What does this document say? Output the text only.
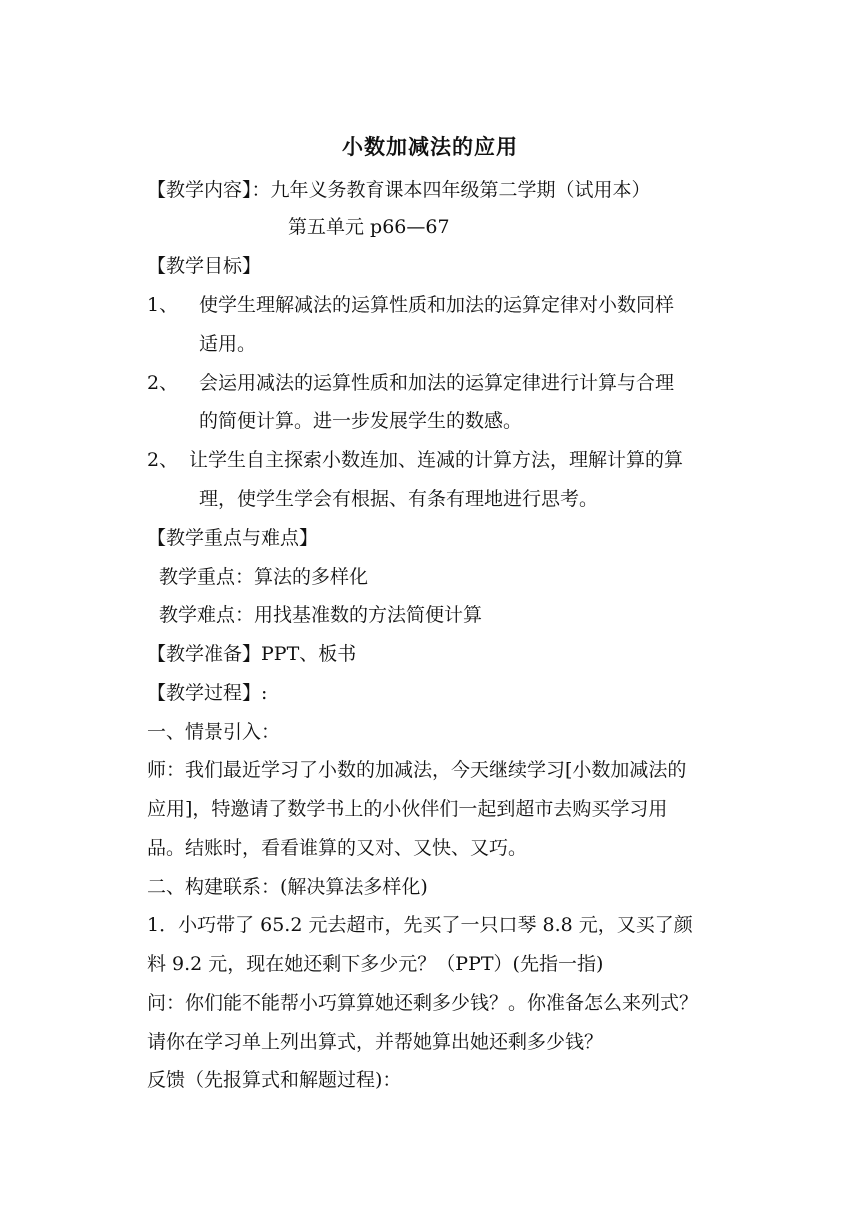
小数加减法的应用
【教学内容】：九年义务教育课本四年级第二学期（试用本）
第五单元 p66—67
【教学目标】
1、 使学生理解减法的运算性质和加法的运算定律对小数同样
适用。
2、 会运用减法的运算性质和加法的运算定律进行计算与合理
的简便计算。进一步发展学生的数感。
2、 让学生自主探索小数连加、连减的计算方法，理解计算的算
理，使学生学会有根据、有条有理地进行思考。
【教学重点与难点】
教学重点：算法的多样化
教学难点：用找基准数的方法简便计算
【教学准备】PPT、板书
【教学过程】:
一、情景引入：
师：我们最近学习了小数的加减法，今天继续学习[小数加减法的
应用]，特邀请了数学书上的小伙伴们一起到超市去购买学习用
品。结账时，看看谁算的又对、又快、又巧。
二、构建联系：(解决算法多样化)
1．小巧带了 65.2 元去超市，先买了一只口琴 8.8 元，又买了颜
料 9.2 元，现在她还剩下多少元？（PPT）(先指一指)
问：你们能不能帮小巧算算她还剩多少钱？。你准备怎么来列式？
请你在学习单上列出算式，并帮她算出她还剩多少钱？
反馈（先报算式和解题过程)：
